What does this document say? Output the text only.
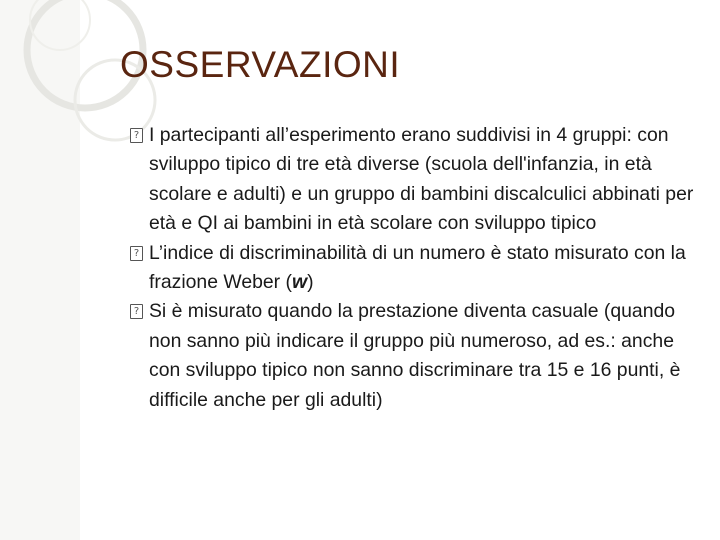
OSSERVAZIONI
?
I partecipanti all’esperimento erano suddivisi in 4 gruppi: con sviluppo tipico di tre età diverse (scuola dell'infanzia, in età scolare e adulti) e un gruppo di bambini discalculici abbinati per età e QI ai bambini in età scolare con sviluppo tipico
?
L’indice di discriminabilità di un numero è stato misurato con la frazione Weber (w)
?
Si è misurato quando la prestazione diventa casuale (quando non sanno più indicare il gruppo più numeroso, ad es.: anche con sviluppo tipico non sanno discriminare tra 15 e 16 punti, è difficile anche per gli adulti)
